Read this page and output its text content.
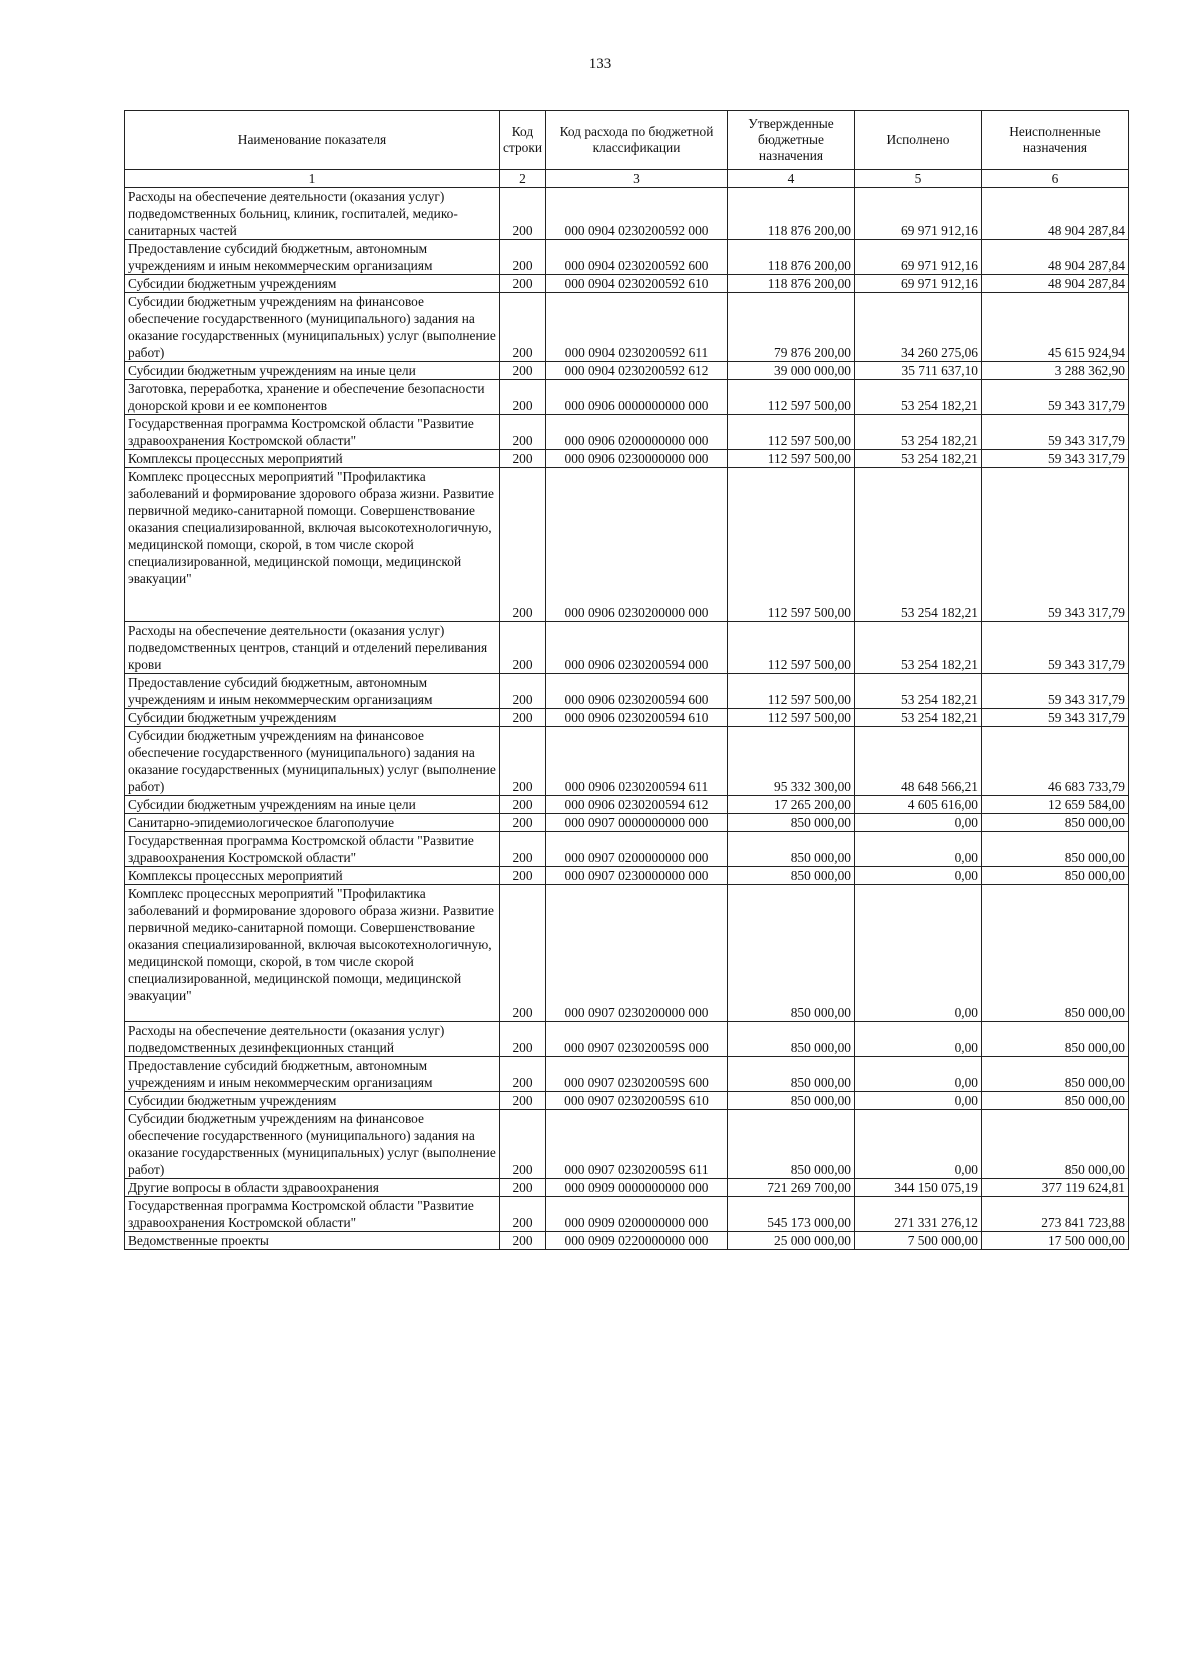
133
Наименование показателя	Код строки	Код расхода по бюджетной классификации	Утвержденные бюджетные назначения	Исполнено	Неисполненные назначения
1	2	3	4	5	6
Расходы на обеспечение деятельности (оказания услуг) подведомственных больниц, клиник, госпиталей, медико-санитарных частей	200	000 0904 0230200592 000	118 876 200,00	69 971 912,16	48 904 287,84
Предоставление субсидий бюджетным, автономным учреждениям и иным некоммерческим организациям	200	000 0904 0230200592 600	118 876 200,00	69 971 912,16	48 904 287,84
Субсидии бюджетным учреждениям	200	000 0904 0230200592 610	118 876 200,00	69 971 912,16	48 904 287,84
Субсидии бюджетным учреждениям на финансовое обеспечение государственного (муниципального) задания на оказание государственных (муниципальных) услуг (выполнение работ)	200	000 0904 0230200592 611	79 876 200,00	34 260 275,06	45 615 924,94
Субсидии бюджетным учреждениям на иные цели	200	000 0904 0230200592 612	39 000 000,00	35 711 637,10	3 288 362,90
Заготовка, переработка, хранение и обеспечение безопасности донорской крови и ее компонентов	200	000 0906 0000000000 000	112 597 500,00	53 254 182,21	59 343 317,79
Государственная программа Костромской области "Развитие здравоохранения Костромской области"	200	000 0906 0200000000 000	112 597 500,00	53 254 182,21	59 343 317,79
Комплексы процессных мероприятий	200	000 0906 0230000000 000	112 597 500,00	53 254 182,21	59 343 317,79
Комплекс процессных мероприятий "Профилактика заболеваний и формирование здорового образа жизни. Развитие первичной медико-санитарной помощи. Совершенствование оказания специализированной, включая высокотехнологичную, медицинской помощи, скорой, в том числе скорой специализированной, медицинской помощи, медицинской эвакуации"	200	000 0906 0230200000 000	112 597 500,00	53 254 182,21	59 343 317,79
Расходы на обеспечение деятельности (оказания услуг) подведомственных центров, станций и отделений переливания крови	200	000 0906 0230200594 000	112 597 500,00	53 254 182,21	59 343 317,79
Предоставление субсидий бюджетным, автономным учреждениям и иным некоммерческим организациям	200	000 0906 0230200594 600	112 597 500,00	53 254 182,21	59 343 317,79
Субсидии бюджетным учреждениям	200	000 0906 0230200594 610	112 597 500,00	53 254 182,21	59 343 317,79
Субсидии бюджетным учреждениям на финансовое обеспечение государственного (муниципального) задания на оказание государственных (муниципальных) услуг (выполнение работ)	200	000 0906 0230200594 611	95 332 300,00	48 648 566,21	46 683 733,79
Субсидии бюджетным учреждениям на иные цели	200	000 0906 0230200594 612	17 265 200,00	4 605 616,00	12 659 584,00
Санитарно-эпидемиологическое благополучие	200	000 0907 0000000000 000	850 000,00	0,00	850 000,00
Государственная программа Костромской области "Развитие здравоохранения Костромской области"	200	000 0907 0200000000 000	850 000,00	0,00	850 000,00
Комплексы процессных мероприятий	200	000 0907 0230000000 000	850 000,00	0,00	850 000,00
Комплекс процессных мероприятий "Профилактика заболеваний и формирование здорового образа жизни. Развитие первичной медико-санитарной помощи. Совершенствование оказания специализированной, включая высокотехнологичную, медицинской помощи, скорой, в том числе скорой специализированной, медицинской помощи, медицинской эвакуации"	200	000 0907 0230200000 000	850 000,00	0,00	850 000,00
Расходы на обеспечение деятельности (оказания услуг) подведомственных дезинфекционных станций	200	000 0907 023020059S 000	850 000,00	0,00	850 000,00
Предоставление субсидий бюджетным, автономным учреждениям и иным некоммерческим организациям	200	000 0907 023020059S 600	850 000,00	0,00	850 000,00
Субсидии бюджетным учреждениям	200	000 0907 023020059S 610	850 000,00	0,00	850 000,00
Субсидии бюджетным учреждениям на финансовое обеспечение государственного (муниципального) задания на оказание государственных (муниципальных) услуг (выполнение работ)	200	000 0907 023020059S 611	850 000,00	0,00	850 000,00
Другие вопросы в области здравоохранения	200	000 0909 0000000000 000	721 269 700,00	344 150 075,19	377 119 624,81
Государственная программа Костромской области "Развитие здравоохранения Костромской области"	200	000 0909 0200000000 000	545 173 000,00	271 331 276,12	273 841 723,88
Ведомственные проекты	200	000 0909 0220000000 000	25 000 000,00	7 500 000,00	17 500 000,00
